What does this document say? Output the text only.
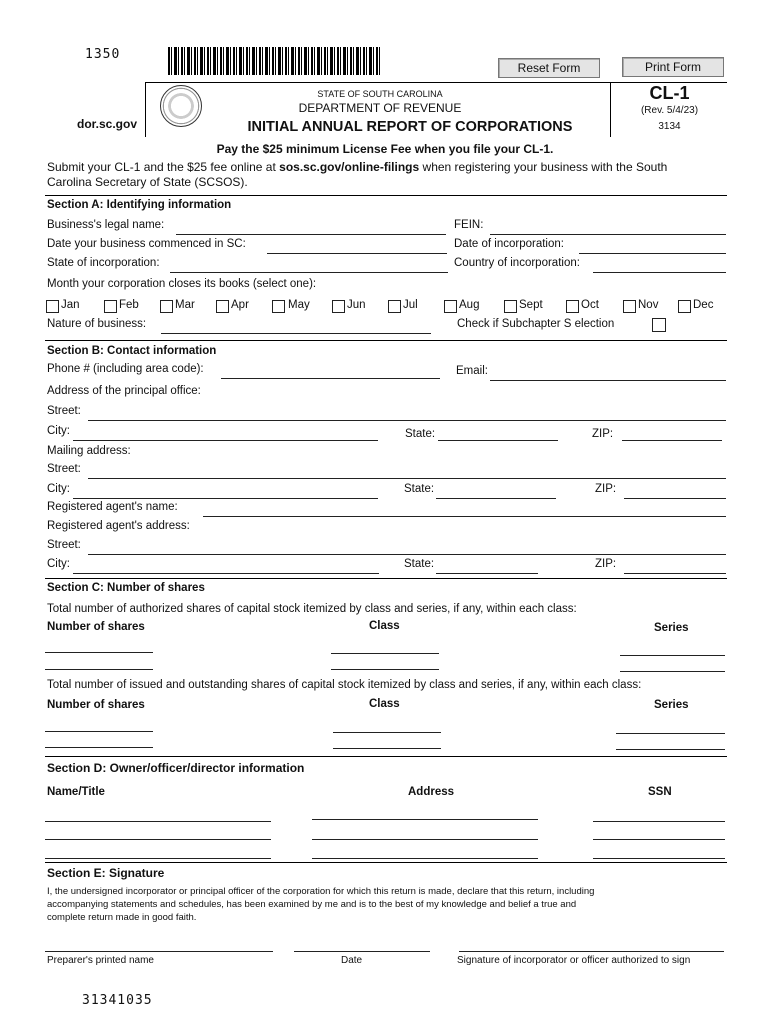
1350
Reset Form	Print Form
STATE OF SOUTH CAROLINA
DEPARTMENT OF REVENUE
INITIAL ANNUAL REPORT OF CORPORATIONS
dor.sc.gov
CL-1
(Rev. 5/4/23)
3134
Pay the $25 minimum License Fee when you file your CL-1.
Submit your CL-1 and the $25 fee online at sos.sc.gov/online-filings when registering your business with the South
Carolina Secretary of State (SCSOS).
Section A: Identifying information
Business's legal name:	FEIN:
Date your business commenced in SC:	Date of incorporation:
State of incorporation:	Country of incorporation:
Month your corporation closes its books (select one):
Jan	Feb	Mar	Apr	May	Jun	Jul	Aug	Sept	Oct	Nov	Dec
Nature of business:	Check if Subchapter S election
Section B: Contact information
Phone # (including area code):	Email:
Address of the principal office:
Street:
City:	State:	ZIP:
Mailing address:
Street:
City:	State:	ZIP:
Registered agent's name:
Registered agent's address:
Street:
City:	State:	ZIP:
Section C: Number of shares
Total number of authorized shares of capital stock itemized by class and series, if any, within each class:
Number of shares	Class	Series
Total number of issued and outstanding shares of capital stock itemized by class and series, if any, within each class:
Number of shares	Class	Series
Section D: Owner/officer/director information
Name/Title	Address	SSN
Section E: Signature
I, the undersigned incorporator or principal officer of the corporation for which this return is made, declare that this return, including
accompanying statements and schedules, has been examined by me and is to the best of my knowledge and belief a true and
complete return made in good faith.
Preparer's printed name	Date	Signature of incorporator or officer authorized to sign
31341035
